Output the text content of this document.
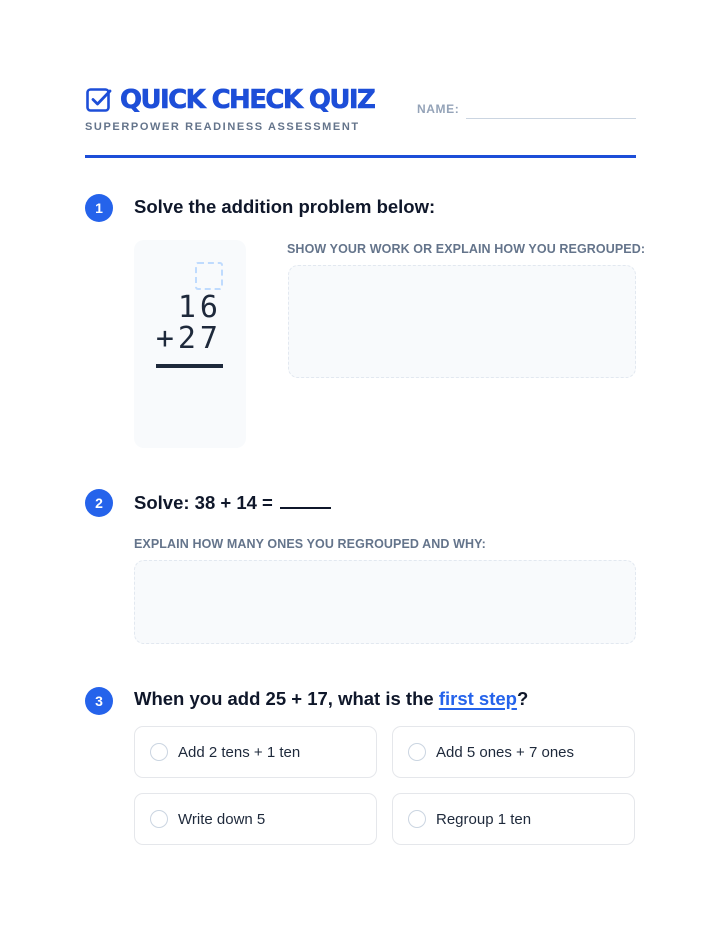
QUICK CHECK QUIZ
SUPERPOWER READINESS ASSESSMENT
NAME:
1	Solve the addition problem below:
16
+27
SHOW YOUR WORK OR EXPLAIN HOW YOU REGROUPED:
2	Solve: 38 + 14 =
EXPLAIN HOW MANY ONES YOU REGROUPED AND WHY:
3	When you add 25 + 17, what is the first step?
Add 2 tens + 1 ten	Add 5 ones + 7 ones
Write down 5	Regroup 1 ten
